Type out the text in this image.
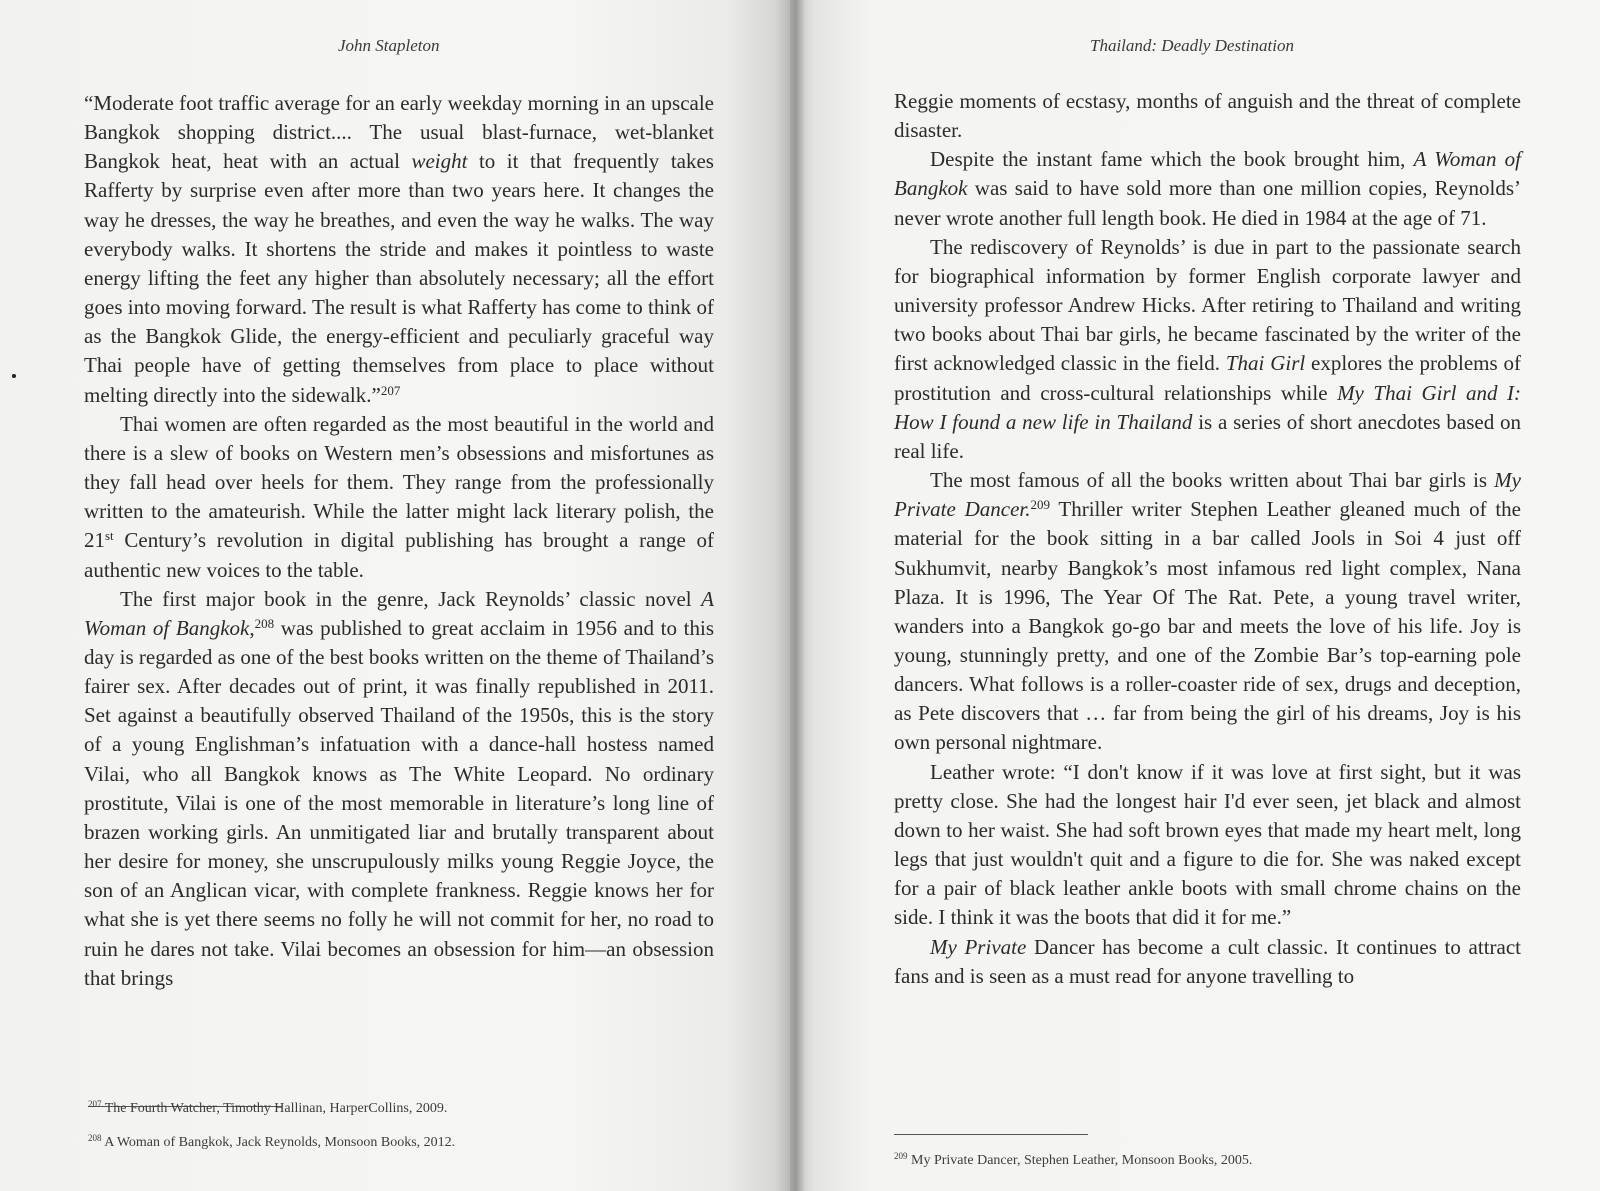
John Stapleton

“Moderate foot traffic average for an early weekday morning in an upscale Bangkok shopping district.... The usual blast-furnace, wet-blanket Bangkok heat, heat with an actual weight to it that frequently takes Rafferty by surprise even after more than two years here. It changes the way he dresses, the way he breathes, and even the way he walks. The way everybody walks. It shortens the stride and makes it pointless to waste energy lifting the feet any higher than absolutely necessary; all the effort goes into moving forward. The result is what Rafferty has come to think of as the Bangkok Glide, the energy-efficient and peculiarly graceful way Thai people have of getting themselves from place to place without melting directly into the sidewalk.”$^{207}$

Thai women are often regarded as the most beautiful in the world and there is a slew of books on Western men’s obsessions and misfortunes as they fall head over heels for them. They range from the professionally written to the amateurish. While the latter might lack literary polish, the 21st Century’s revolution in digital publishing has brought a range of authentic new voices to the table.

The first major book in the genre, Jack Reynolds’ classic novel A Woman of Bangkok,$^{208}$ was published to great acclaim in 1956 and to this day is regarded as one of the best books written on the theme of Thailand’s fairer sex. After decades out of print, it was finally republished in 2011. Set against a beautifully observed Thailand of the 1950s, this is the story of a young Englishman’s infatuation with a dance-hall hostess named Vilai, who all Bangkok knows as The White Leopard. No ordinary prostitute, Vilai is one of the most memorable in literature’s long line of brazen working girls. An unmitigated liar and brutally transparent about her desire for money, she unscrupulously milks young Reggie Joyce, the son of an Anglican vicar, with complete frankness. Reggie knows her for what she is yet there seems no folly he will not commit for her, no road to ruin he dares not take. Vilai becomes an obsession for him—an obsession that brings

$^{207}$ The Fourth Watcher, Timothy Hallinan, HarperCollins, 2009.
$^{208}$ A Woman of Bangkok, Jack Reynolds, Monsoon Books, 2012.
Thailand: Deadly Destination

Reggie moments of ecstasy, months of anguish and the threat of complete disaster.

Despite the instant fame which the book brought him, A Woman of Bangkok was said to have sold more than one million copies, Reynolds’ never wrote another full length book. He died in 1984 at the age of 71.

The rediscovery of Reynolds’ is due in part to the passionate search for biographical information by former English corporate lawyer and university professor Andrew Hicks. After retiring to Thailand and writing two books about Thai bar girls, he became fascinated by the writer of the first acknowledged classic in the field. Thai Girl explores the problems of prostitution and cross-cultural relationships while My Thai Girl and I: How I found a new life in Thailand is a series of short anecdotes based on real life.

The most famous of all the books written about Thai bar girls is My Private Dancer.$^{209}$ Thriller writer Stephen Leather gleaned much of the material for the book sitting in a bar called Jools in Soi 4 just off Sukhumvit, nearby Bangkok’s most infamous red light complex, Nana Plaza. It is 1996, The Year Of The Rat. Pete, a young travel writer, wanders into a Bangkok go-go bar and meets the love of his life. Joy is young, stunningly pretty, and one of the Zombie Bar’s top-earning pole dancers. What follows is a roller-coaster ride of sex, drugs and deception, as Pete discovers that … far from being the girl of his dreams, Joy is his own personal nightmare.

Leather wrote: “I don't know if it was love at first sight, but it was pretty close. She had the longest hair I'd ever seen, jet black and almost down to her waist. She had soft brown eyes that made my heart melt, long legs that just wouldn't quit and a figure to die for. She was naked except for a pair of black leather ankle boots with small chrome chains on the side. I think it was the boots that did it for me.”

My Private Dancer has become a cult classic. It continues to attract fans and is seen as a must read for anyone travelling to

$^{209}$ My Private Dancer, Stephen Leather, Monsoon Books, 2005.
